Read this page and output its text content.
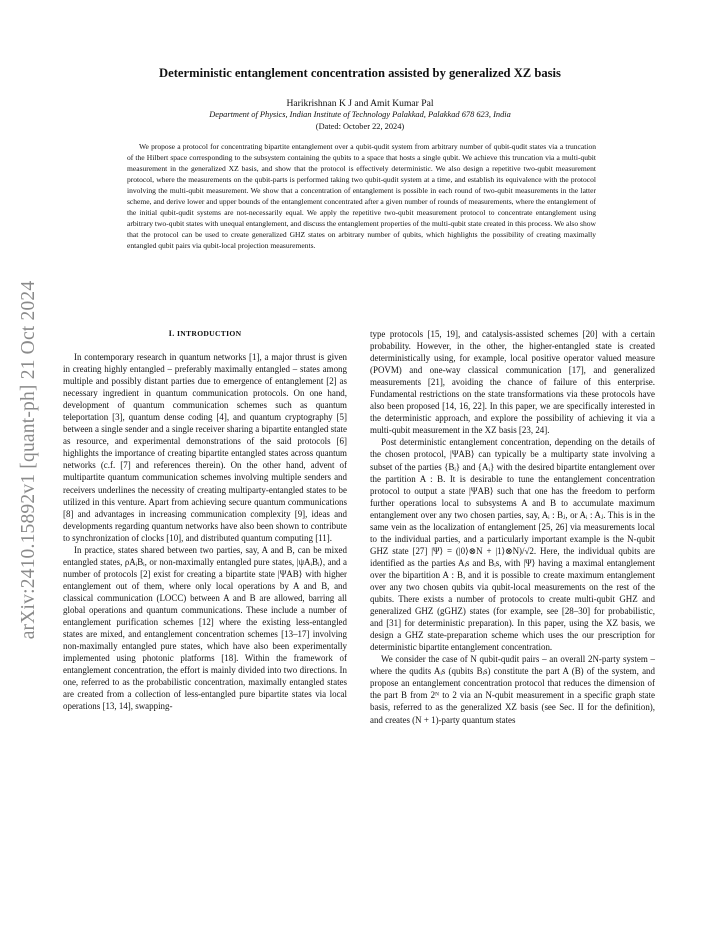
arXiv:2410.15892v1 [quant-ph] 21 Oct 2024
Deterministic entanglement concentration assisted by generalized XZ basis
Harikrishnan K J and Amit Kumar Pal
Department of Physics, Indian Institute of Technology Palakkad, Palakkad 678 623, India
(Dated: October 22, 2024)
We propose a protocol for concentrating bipartite entanglement over a qubit-qudit system from arbitrary number of qubit-qudit states via a truncation of the Hilbert space corresponding to the subsystem containing the qubits to a space that hosts a single qubit. We achieve this truncation via a multi-qubit measurement in the generalized XZ basis, and show that the protocol is effectively deterministic. We also design a repetitive two-qubit measurement protocol, where the measurements on the qubit-parts is performed taking two qubit-qudit system at a time, and establish its equivalence with the protocol involving the multi-qubit measurement. We show that a concentration of entanglement is possible in each round of two-qubit measurements in the latter scheme, and derive lower and upper bounds of the entanglement concentrated after a given number of rounds of measurements, where the entanglement of the initial qubit-qudit systems are not-necessarily equal. We apply the repetitive two-qubit measurement protocol to concentrate entanglement using arbitrary two-qubit states with unequal entanglement, and discuss the entanglement properties of the multi-qubit state created in this process. We also show that the protocol can be used to create generalized GHZ states on arbitrary number of qubits, which highlights the possibility of creating maximally entangled qubit pairs via qubit-local projection measurements.
I. INTRODUCTION

In contemporary research in quantum networks [1], a major thrust is given in creating highly entangled – preferably maximally entangled – states among multiple and possibly distant parties due to emergence of entanglement [2] as necessary ingredient in quantum communication protocols. On one hand, development of quantum communication schemes such as quantum teleportation [3], quantum dense coding [4], and quantum cryptography [5] between a single sender and a single receiver sharing a bipartite entangled state as resource, and experimental demonstrations of the said protocols [6] highlights the importance of creating bipartite entangled states across quantum networks (c.f. [7] and references therein). On the other hand, advent of multipartite quantum communication schemes involving multiple senders and receivers underlines the necessity of creating multiparty-entangled states to be utilized in this venture. Apart from achieving secure quantum communications [8] and advantages in increasing communication complexity [9], ideas and developments regarding quantum networks have also been shown to contribute to synchronization of clocks [10], and distributed quantum computing [11].

In practice, states shared between two parties, say, A and B, can be mixed entangled states, ρAᵢBᵢ, or non-maximally entangled pure states, |ψAᵢBᵢ⟩, and a number of protocols [2] exist for creating a bipartite state |ΨAB⟩ with higher entanglement out of them, where only local operations by A and B, and classical communication (LOCC) between A and B are allowed, barring all global operations and quantum communications. These include a number of entanglement purification schemes [12] where the existing less-entangled states are mixed, and entanglement concentration schemes [13–17] involving non-maximally entangled pure states, which have also been experimentally implemented using photonic platforms [18]. Within the framework of entanglement concentration, the effort is mainly divided into two directions. In one, referred to as the probabilistic concentration, maximally entangled states are created from a collection of less-entangled pure bipartite states via local operations [13, 14], swapping-

type protocols [15, 19], and catalysis-assisted schemes [20] with a certain probability. However, in the other, the higher-entangled state is created deterministically using, for example, local positive operator valued measure (POVM) and one-way classical communication [17], and generalized measurements [21], avoiding the chance of failure of this enterprise. Fundamental restrictions on the state transformations via these protocols have also been proposed [14, 16, 22]. In this paper, we are specifically interested in the deterministic approach, and explore the possibility of achieving it via a multi-qubit measurement in the XZ basis [23, 24].

Post deterministic entanglement concentration, depending on the details of the chosen protocol, |ΨAB⟩ can typically be a multiparty state involving a subset of the parties {Bᵢ} and {Aᵢ} with the desired bipartite entanglement over the partition A : B. It is desirable to tune the entanglement concentration protocol to output a state |ΨAB⟩ such that one has the freedom to perform further operations local to subsystems A and B to accumulate maximum entanglement over any two chosen parties, say, Aᵢ : Bⱼ, or Aᵢ : Aⱼ. This is in the same vein as the localization of entanglement [25, 26] via measurements local to the individual parties, and a particularly important example is the N-qubit GHZ state [27] |Ψ⟩ = (|0⟩⊗N + |1⟩⊗N)/√2. Here, the individual qubits are identified as the parties Aᵢs and Bᵢs, with |Ψ⟩ having a maximal entanglement over the bipartition A : B, and it is possible to create maximum entanglement over any two chosen qubits via qubit-local measurements on the rest of the qubits. There exists a number of protocols to create multi-qubit GHZ and generalized GHZ (gGHZ) states (for example, see [28–30] for probabilistic, and [31] for deterministic preparation). In this paper, using the XZ basis, we design a GHZ state-preparation scheme which uses the our prescription for deterministic bipartite entanglement concentration.

We consider the case of N qubit-qudit pairs – an overall 2N-party system –where the qudits Aᵢs (qubits Bᵢs) constitute the part A (B) of the system, and propose an entanglement concentration protocol that reduces the dimension of the part B from 2ᴺ to 2 via an N-qubit measurement in a specific graph state basis, referred to as the generalized XZ basis (see Sec. II for the definition), and creates (N + 1)-party quantum states
